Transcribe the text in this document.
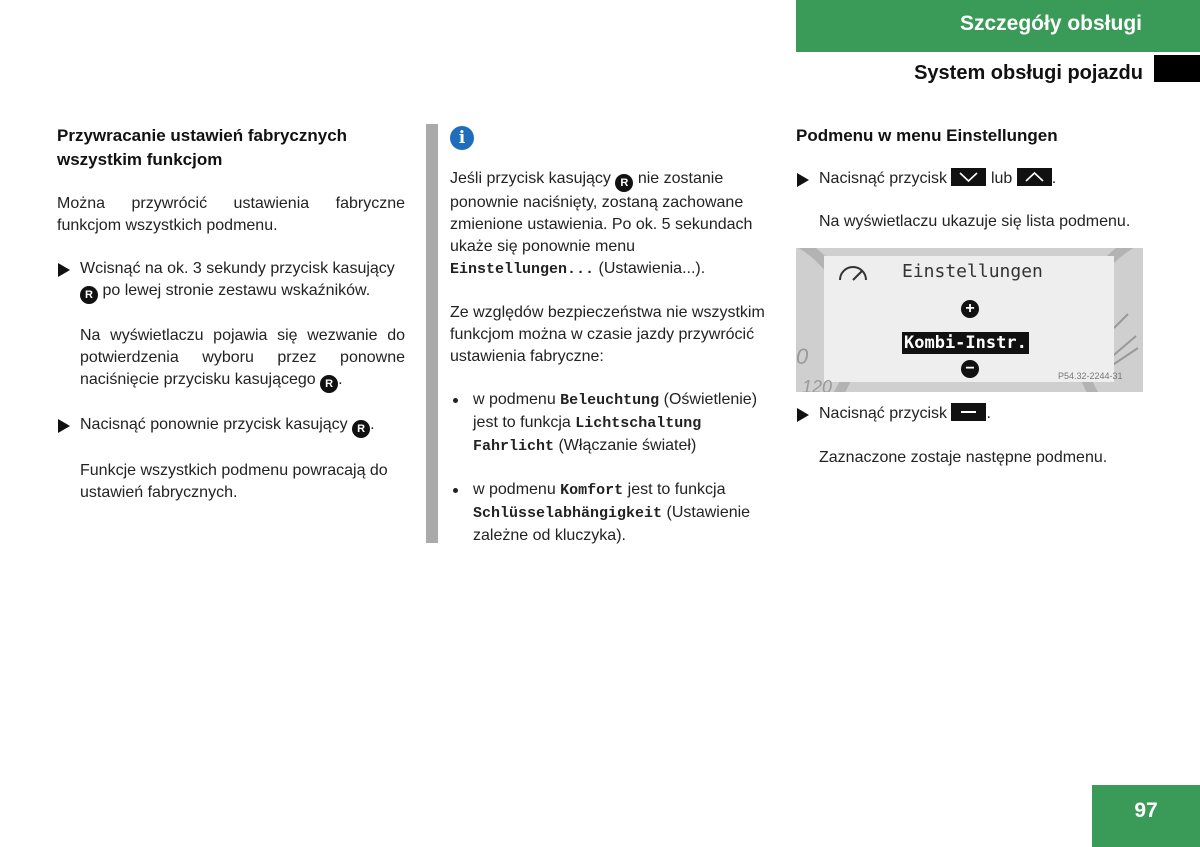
Szczegóły obsługi
System obsługi pojazdu
Przywracanie ustawień fabrycznych wszystkim funkcjom

Można przywrócić ustawienia fabryczne funkcjom wszystkich podmenu.

Wcisnąć na ok. 3 sekundy przycisk kasujący R po lewej stronie zestawu wskaźników.

Na wyświetlaczu pojawia się wezwanie do potwierdzenia wyboru przez ponowne naciśnięcie przycisku kasującego R .

Nacisnąć ponownie przycisk kasujący R .

Funkcje wszystkich podmenu powracają do ustawień fabrycznych.

i

Jeśli przycisk kasujący R nie zostanie ponownie naciśnięty, zostaną zachowane zmienione ustawienia. Po ok. 5 sekundach ukaże się ponownie menu Einstellungen... (Ustawienia...).

Ze względów bezpieczeństwa nie wszystkim funkcjom można w czasie jazdy przywrócić ustawienia fabryczne:

w podmenu Beleuchtung (Oświetlenie) jest to funkcja Lichtschaltung Fahrlicht (Włączanie świateł)
w podmenu Komfort jest to funkcja Schlüsselabhängigkeit (Ustawienie zależne od kluczyka).
Podmenu w menu Einstellungen
Nacisnąć przycisk	lub .

Na wyświetlaczu ukazuje się lista podmenu.

0
120
Einstellungen
+
Kombi-Instr.
−	P54.32-2244-31
Nacisnąć przycisk .

Zaznaczone zostaje następne podmenu.

97
